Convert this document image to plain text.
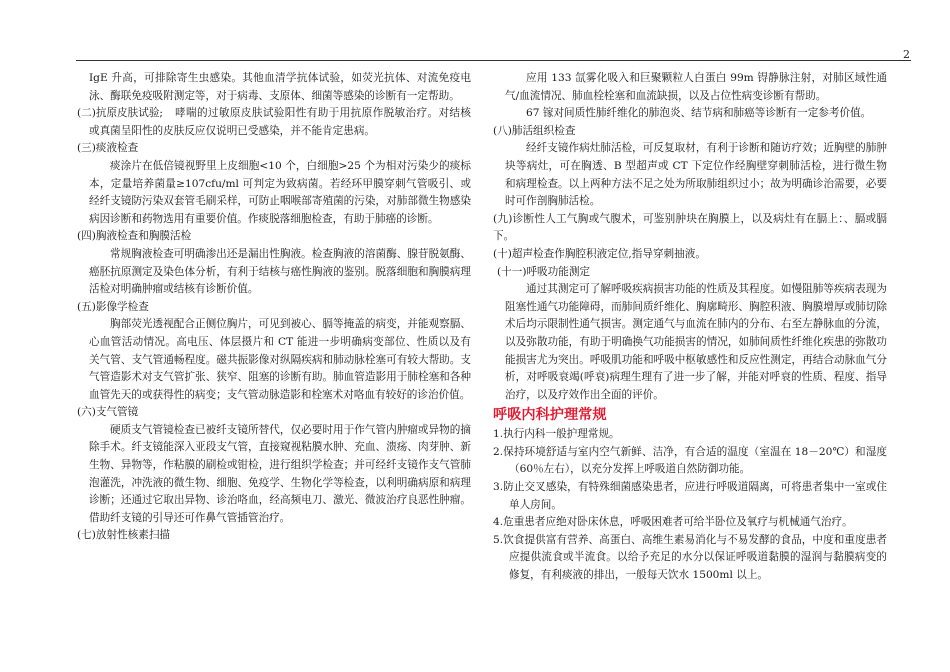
2

IgE 升高，可排除寄生虫感染。其他血清学抗体试验，如荧光抗体、对流免疫电泳、酶联免疫吸附测定等，对于病毒、支原体、细菌等感染的诊断有一定帮助。

(二)抗原皮肤试验;	哮喘的过敏原皮肤试验阳性有助于用抗原作脱敏治疗。对结核或真菌呈阳性的皮肤反应仅说明已受感染，并不能肯定患病。

(三)痰液检查

痰涂片在低倍镜视野里上皮细胞<10 个，白细胞>25 个为相对污染少的痰标本，定量培养菌量≥107cfu/ml 可判定为致病菌。若经环甲膜穿刺气管吸引、或经纤支镜防污染双套管毛刷采样，可防止咽喉部寄殖菌的污染，对肺部微生物感染病因诊断和药物选用有重要价值。作痰脱落细胞检查，有助于肺癌的诊断。

(四)胸液检查和胸膜活检

常规胸液检查可明确渗出还是漏出性胸液。检查胸液的溶菌酶、腺苷脱氨酶、癌胚抗原测定及染色体分析，有利于结核与癌性胸液的鉴别。脱落细胞和胸膜病理活检对明确肿瘤或结核有诊断价值。

(五)影像学检查

胸部荧光透视配合正侧位胸片，可见到被心、膈等掩盖的病变，并能观察膈、心血管活动情况。高电压、体层摄片和 CT 能进一步明确病变部位、性质以及有关气管、支气管通畅程度。磁共振影像对纵隔疾病和肺动脉栓塞可有较大帮助。支气管造影术对支气管扩张、狭窄、阻塞的诊断有助。肺血管造影用于肺栓塞和各种血管先天的或获得性的病变；支气管动脉造影和栓塞术对咯血有较好的诊治价值。

(六)支气管镜

硬质支气管镜检查已被纤支镜所替代，仅必要时用于作气管内肿瘤或异物的摘除手术。纤支镜能深入亚段支气管，直接窥视粘膜水肿、充血、溃疡、肉芽肿、新生物、异物等，作粘膜的刷检或钳检，进行组织学检查；并可经纤支镜作支气管肺泡灌洗，冲洗液的微生物、细胞、免疫学、生物化学等检查，以利明确病原和病理诊断；还通过它取出异物、诊治咯血，经高频电刀、激光、微波治疗良恶性肿瘤。借助纤支镜的引导还可作鼻气管插管治疗。

(七)放射性核素扫描

应用 133 氙雾化吸入和巨聚颗粒人白蛋白 99m 锝静脉注射，对肺区域性通气/血流情况、肺血栓栓塞和血流缺损，以及占位性病变诊断有帮助。

67 镓对间质性肺纤维化的肺泡炎、结节病和肺癌等诊断有一定参考价值。

(八)肺活组织检查

经纤支镜作病灶肺活检，可反复取材，有利于诊断和随访疗效；近胸壁的肺肿块等病灶，可在胸透、B 型超声或 CT 下定位作经胸壁穿刺肺活检，进行微生物和病理检查。以上两种方法不足之处为所取肺组织过小；故为明确诊治需要，必要时可作剖胸肺活检。

(九)诊断性人工气胸或气腹术，可鉴别肿块在胸膜上，以及病灶有在膈上：、膈或膈下。

(十)超声检查作胸腔积液定位,指导穿刺抽液。

(十一)呼吸功能测定

通过其测定可了解呼吸疾病损害功能的性质及其程度。如慢阻肺等疾病表现为阻塞性通气功能障碍，而肺间质纤维化、胸廓畸形、胸腔积液、胸膜增厚或肺切除术后均示限制性通气损害。测定通气与血流在肺内的分布、右至左静脉血的分流，以及弥散功能，有助于明确换气功能损害的情况，如肺间质性纤维化疾患的弥散功能损害尤为突出。呼吸肌功能和呼吸中枢敏感性和反应性测定，再结合动脉血气分析，对呼吸衰竭(呼衰)病理生理有了进一步了解，并能对呼衰的性质、程度、指导治疗，以及疗效作出全面的评价。

呼吸内科护理常规

1.执行内科一般护理常规。

2.保持环境舒适与室内空气新鲜、洁净，有合适的温度（室温在 18－20℃）和湿度（60％左右），以充分发挥上呼吸道自然防御功能。

3.防止交叉感染，有特殊细菌感染患者，应进行呼吸道隔离，可将患者集中一室或住单人房间。

4.危重患者应绝对卧床休息，呼吸困难者可给半卧位及氧疗与机械通气治疗。

5.饮食提供富有营养、高蛋白、高维生素易消化与不易发酵的食品，中度和重度患者应提供流食或半流食。以给予充足的水分以保证呼吸道黏膜的湿润与黏膜病变的修复，有利痰液的排出，一般每天饮水 1500ml 以上。
